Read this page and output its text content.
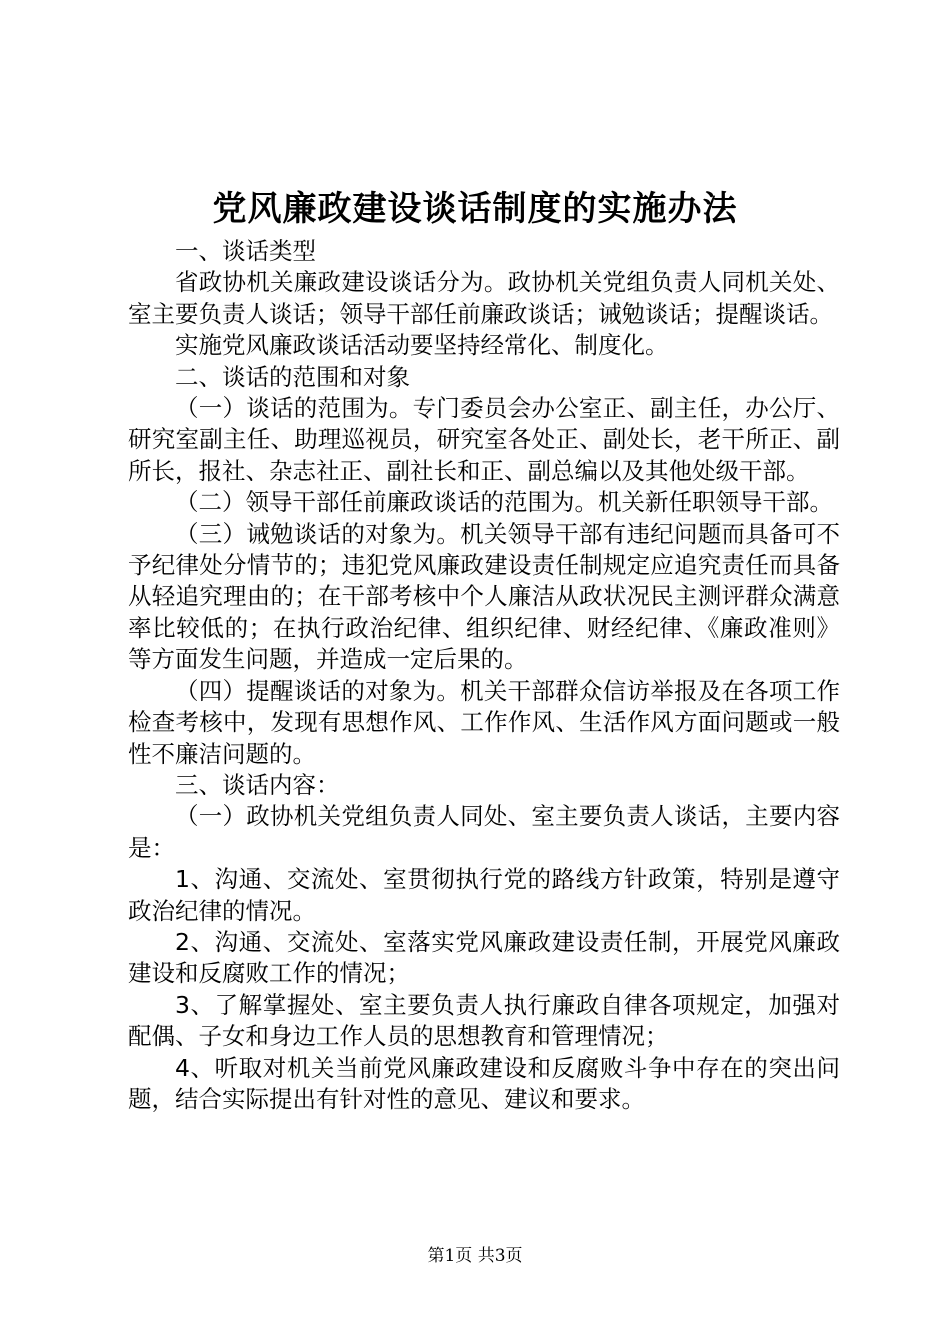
党风廉政建设谈话制度的实施办法

一、谈话类型

省政协机关廉政建设谈话分为。政协机关党组负责人同机关处、室主要负责人谈话；领导干部任前廉政谈话；诫勉谈话；提醒谈话。

实施党风廉政谈话活动要坚持经常化、制度化。

二、谈话的范围和对象

（一）谈话的范围为。专门委员会办公室正、副主任，办公厅、研究室副主任、助理巡视员，研究室各处正、副处长，老干所正、副所长，报社、杂志社正、副社长和正、副总编以及其他处级干部。

（二）领导干部任前廉政谈话的范围为。机关新任职领导干部。

（三）诫勉谈话的对象为。机关领导干部有违纪问题而具备可不予纪律处分情节的；违犯党风廉政建设责任制规定应追究责任而具备从轻追究理由的；在干部考核中个人廉洁从政状况民主测评群众满意率比较低的；在执行政治纪律、组织纪律、财经纪律、《廉政准则》等方面发生问题，并造成一定后果的。

（四）提醒谈话的对象为。机关干部群众信访举报及在各项工作检查考核中，发现有思想作风、工作作风、生活作风方面问题或一般性不廉洁问题的。

三、谈话内容：

（一）政协机关党组负责人同处、室主要负责人谈话，主要内容是：

1、沟通、交流处、室贯彻执行党的路线方针政策，特别是遵守政治纪律的情况。

2、沟通、交流处、室落实党风廉政建设责任制，开展党风廉政建设和反腐败工作的情况；

3、了解掌握处、室主要负责人执行廉政自律各项规定，加强对配偶、子女和身边工作人员的思想教育和管理情况；

4、听取对机关当前党风廉政建设和反腐败斗争中存在的突出问题，结合实际提出有针对性的意见、建议和要求。

第1页 共3页
